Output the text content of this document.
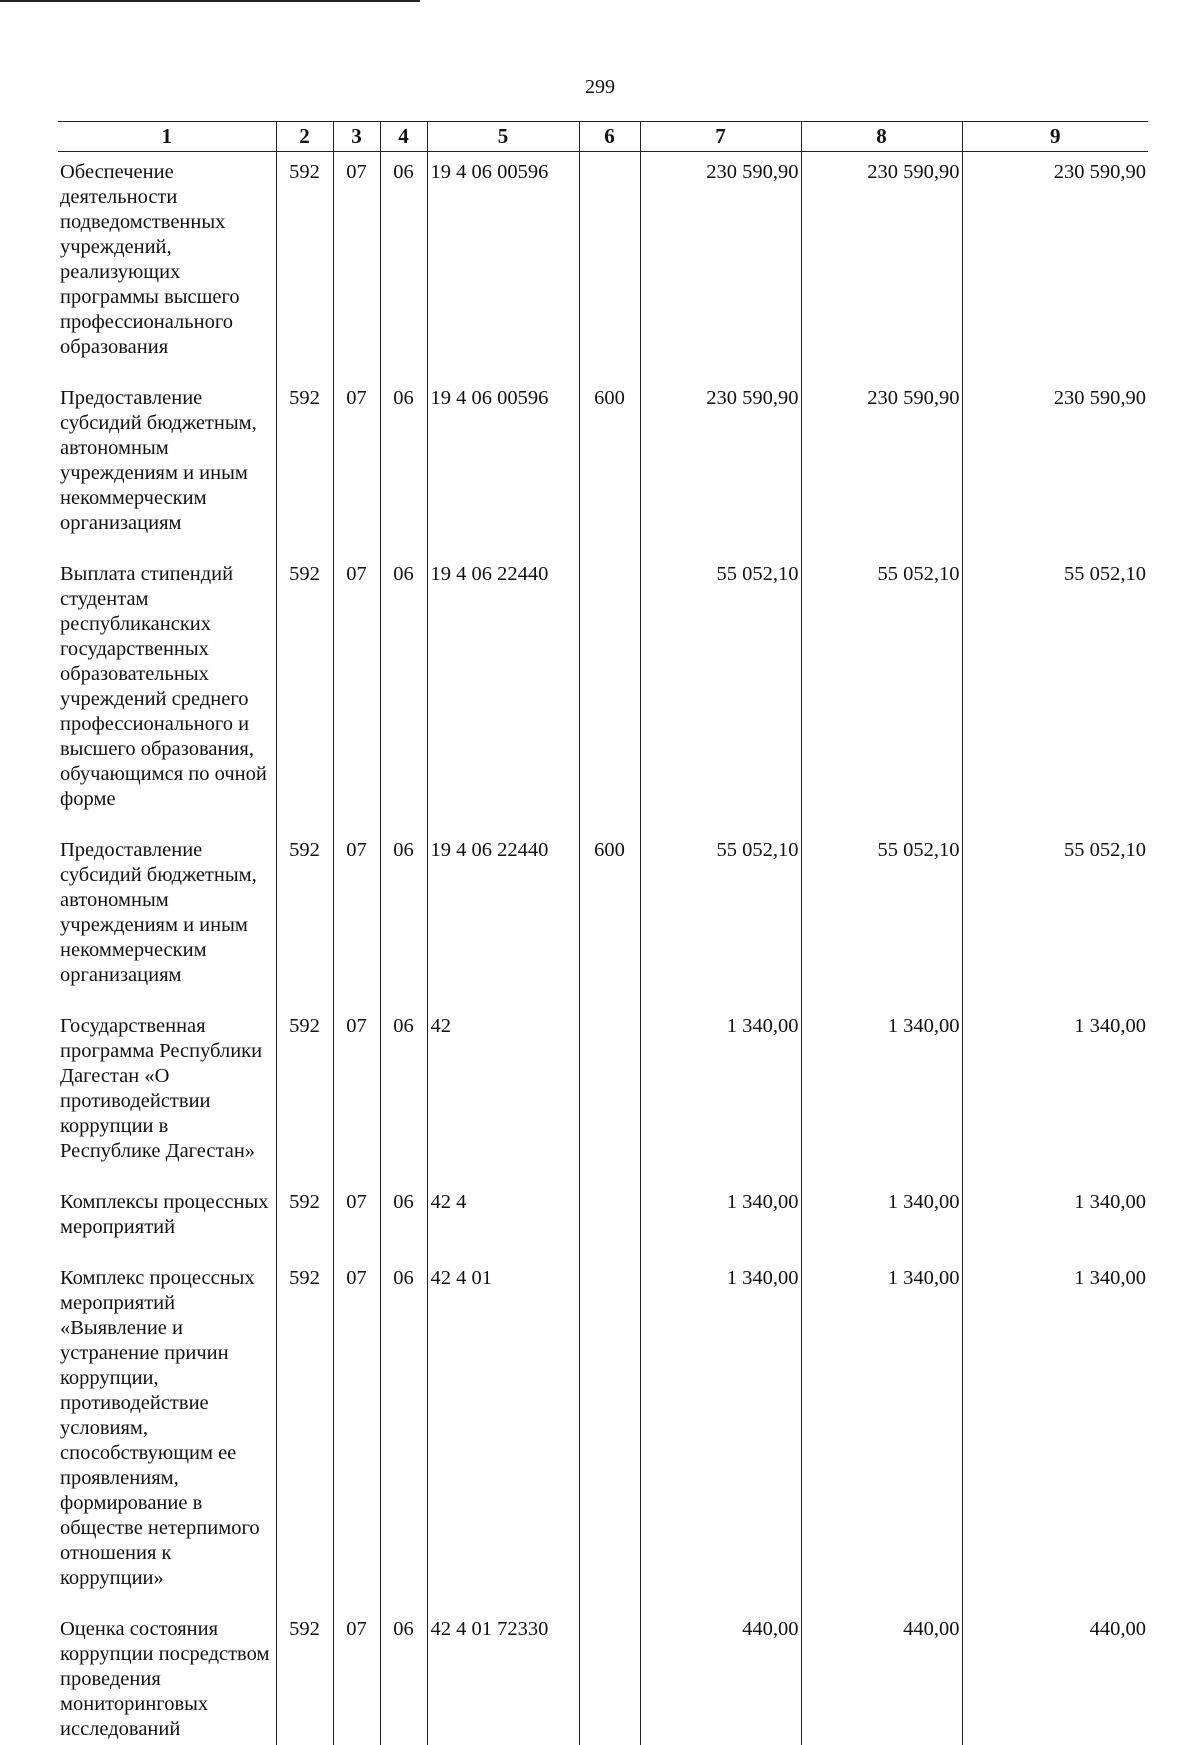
299
1	2	3	4	5	6	7	8	9
Обеспечение деятельности подведомственных учреждений, реализующих программы высшего профессионального образования	592	07	06	19 4 06 00596		230 590,90	230 590,90	230 590,90
Предоставление субсидий бюджетным, автономным учреждениям и иным некоммерческим организациям	592	07	06	19 4 06 00596	600	230 590,90	230 590,90	230 590,90
Выплата стипендий студентам республиканских государственных образовательных учреждений среднего профессионального и высшего образования, обучающимся по очной форме	592	07	06	19 4 06 22440		55 052,10	55 052,10	55 052,10
Предоставление субсидий бюджетным, автономным учреждениям и иным некоммерческим организациям	592	07	06	19 4 06 22440	600	55 052,10	55 052,10	55 052,10
Государственная программа Республики Дагестан «О противодействии коррупции в Республике Дагестан»	592	07	06	42		1 340,00	1 340,00	1 340,00
Комплексы процессных мероприятий	592	07	06	42 4		1 340,00	1 340,00	1 340,00
Комплекс процессных мероприятий «Выявление и устранение причин коррупции, противодействие условиям, способствующим ее проявлениям, формирование в обществе нетерпимого отношения к коррупции»	592	07	06	42 4 01		1 340,00	1 340,00	1 340,00
Оценка состояния коррупции посредством проведения мониторинговых исследований	592	07	06	42 4 01 72330		440,00	440,00	440,00
